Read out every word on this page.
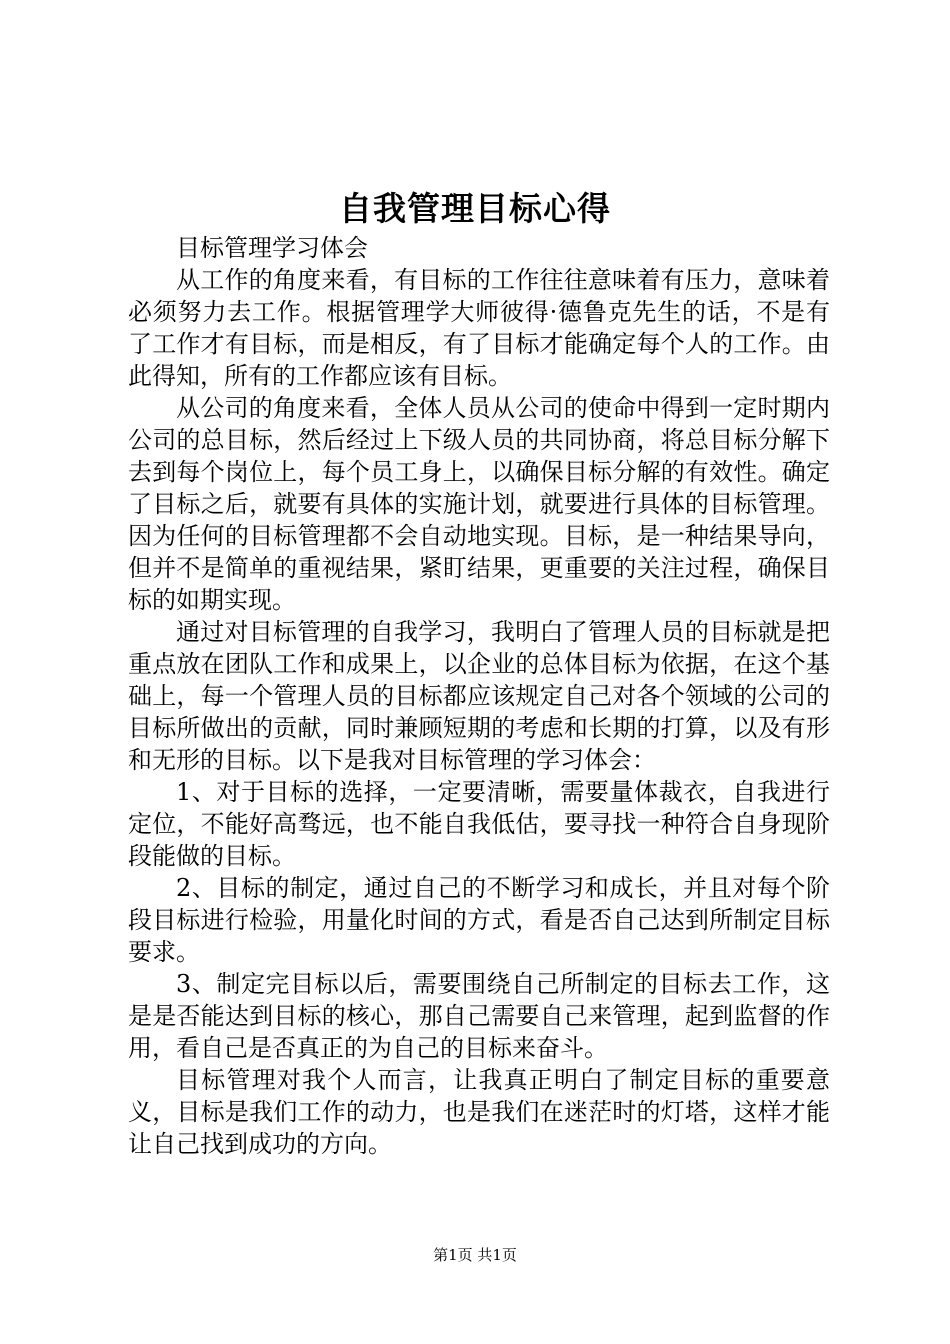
自我管理目标心得

目标管理学习体会

从工作的角度来看，有目标的工作往往意味着有压力，意味着必须努力去工作。根据管理学大师彼得·德鲁克先生的话，不是有了工作才有目标，而是相反，有了目标才能确定每个人的工作。由此得知，所有的工作都应该有目标。

从公司的角度来看，全体人员从公司的使命中得到一定时期内公司的总目标，然后经过上下级人员的共同协商，将总目标分解下去到每个岗位上，每个员工身上，以确保目标分解的有效性。确定了目标之后，就要有具体的实施计划，就要进行具体的目标管理。因为任何的目标管理都不会自动地实现。目标，是一种结果导向，但并不是简单的重视结果，紧盯结果，更重要的关注过程，确保目标的如期实现。

通过对目标管理的自我学习，我明白了管理人员的目标就是把重点放在团队工作和成果上，以企业的总体目标为依据，在这个基础上，每一个管理人员的目标都应该规定自己对各个领域的公司的目标所做出的贡献，同时兼顾短期的考虑和长期的打算，以及有形和无形的目标。以下是我对目标管理的学习体会：

1、对于目标的选择，一定要清晰，需要量体裁衣，自我进行定位，不能好高骛远，也不能自我低估，要寻找一种符合自身现阶段能做的目标。

2、目标的制定，通过自己的不断学习和成长，并且对每个阶段目标进行检验，用量化时间的方式，看是否自己达到所制定目标要求。

3、制定完目标以后，需要围绕自己所制定的目标去工作，这是是否能达到目标的核心，那自己需要自己来管理，起到监督的作用，看自己是否真正的为自己的目标来奋斗。

目标管理对我个人而言，让我真正明白了制定目标的重要意义，目标是我们工作的动力，也是我们在迷茫时的灯塔，这样才能让自己找到成功的方向。

第1页 共1页
